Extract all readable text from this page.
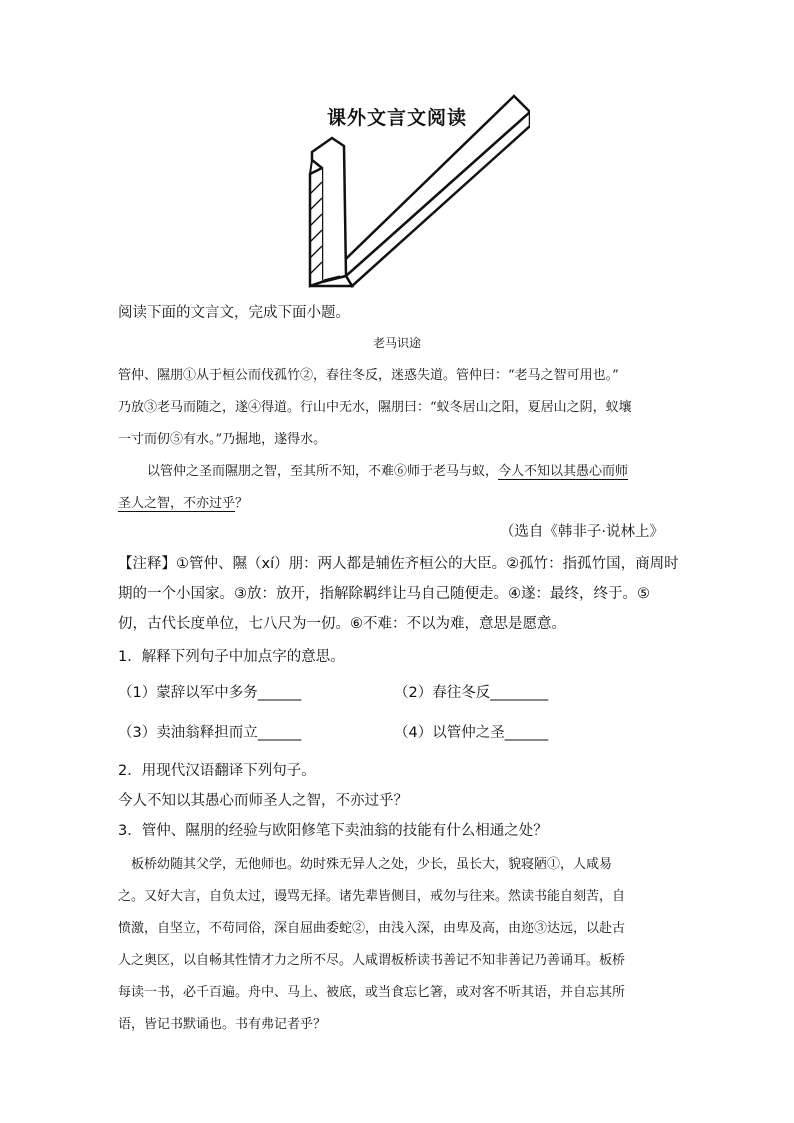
课外文言文阅读
阅读下面的文言文，完成下面小题。
老马识途
管仲、隰朋①从于桓公而伐孤竹②，春往冬反，迷惑失道。管仲曰：“老马之智可用也。”
乃放③老马而随之，遂④得道。行山中无水，隰朋曰：“蚁冬居山之阳，夏居山之阴，蚁壤
一寸而仞⑤有水。”乃掘地，遂得水。
　以管仲之圣而隰朋之智，至其所不知，不难⑥师于老马与蚁，今人不知以其愚心而师
圣人之智，不亦过乎？
（选自《韩非子·说林上》
【注释】①管仲、隰（xí）朋：两人都是辅佐齐桓公的大臣。②孤竹：指孤竹国，商周时
期的一个小国家。③放：放开，指解除羁绊让马自己随便走。④遂：最终，终于。⑤
仞，古代长度单位，七八尺为一仞。⑥不难：不以为难，意思是愿意。
1．解释下列句子中加点字的意思。
（1）蒙辞以军中多务______	（2）春往冬反________
（3）卖油翁释担而立______	（4）以管仲之圣______
2．用现代汉语翻译下列句子。
今人不知以其愚心而师圣人之智，不亦过乎？
3．管仲、隰朋的经验与欧阳修笔下卖油翁的技能有什么相通之处？
　板桥幼随其父学，无他师也。幼时殊无异人之处，少长，虽长大，貌寝陋①，人咸易
之。又好大言，自负太过，谩骂无择。诸先辈皆侧目，戒勿与往来。然读书能自刻苦，自
愤激，自坚立，不苟同俗，深自屈曲委蛇②，由浅入深，由卑及高，由迩③达远，以赴古
人之奥区，以自畅其性情才力之所不尽。人咸谓板桥读书善记不知非善记乃善诵耳。板桥
每读一书，必千百遍。舟中、马上、被底，或当食忘匕箸，或对客不听其语，并自忘其所
语，皆记书默诵也。书有弗记者乎？
